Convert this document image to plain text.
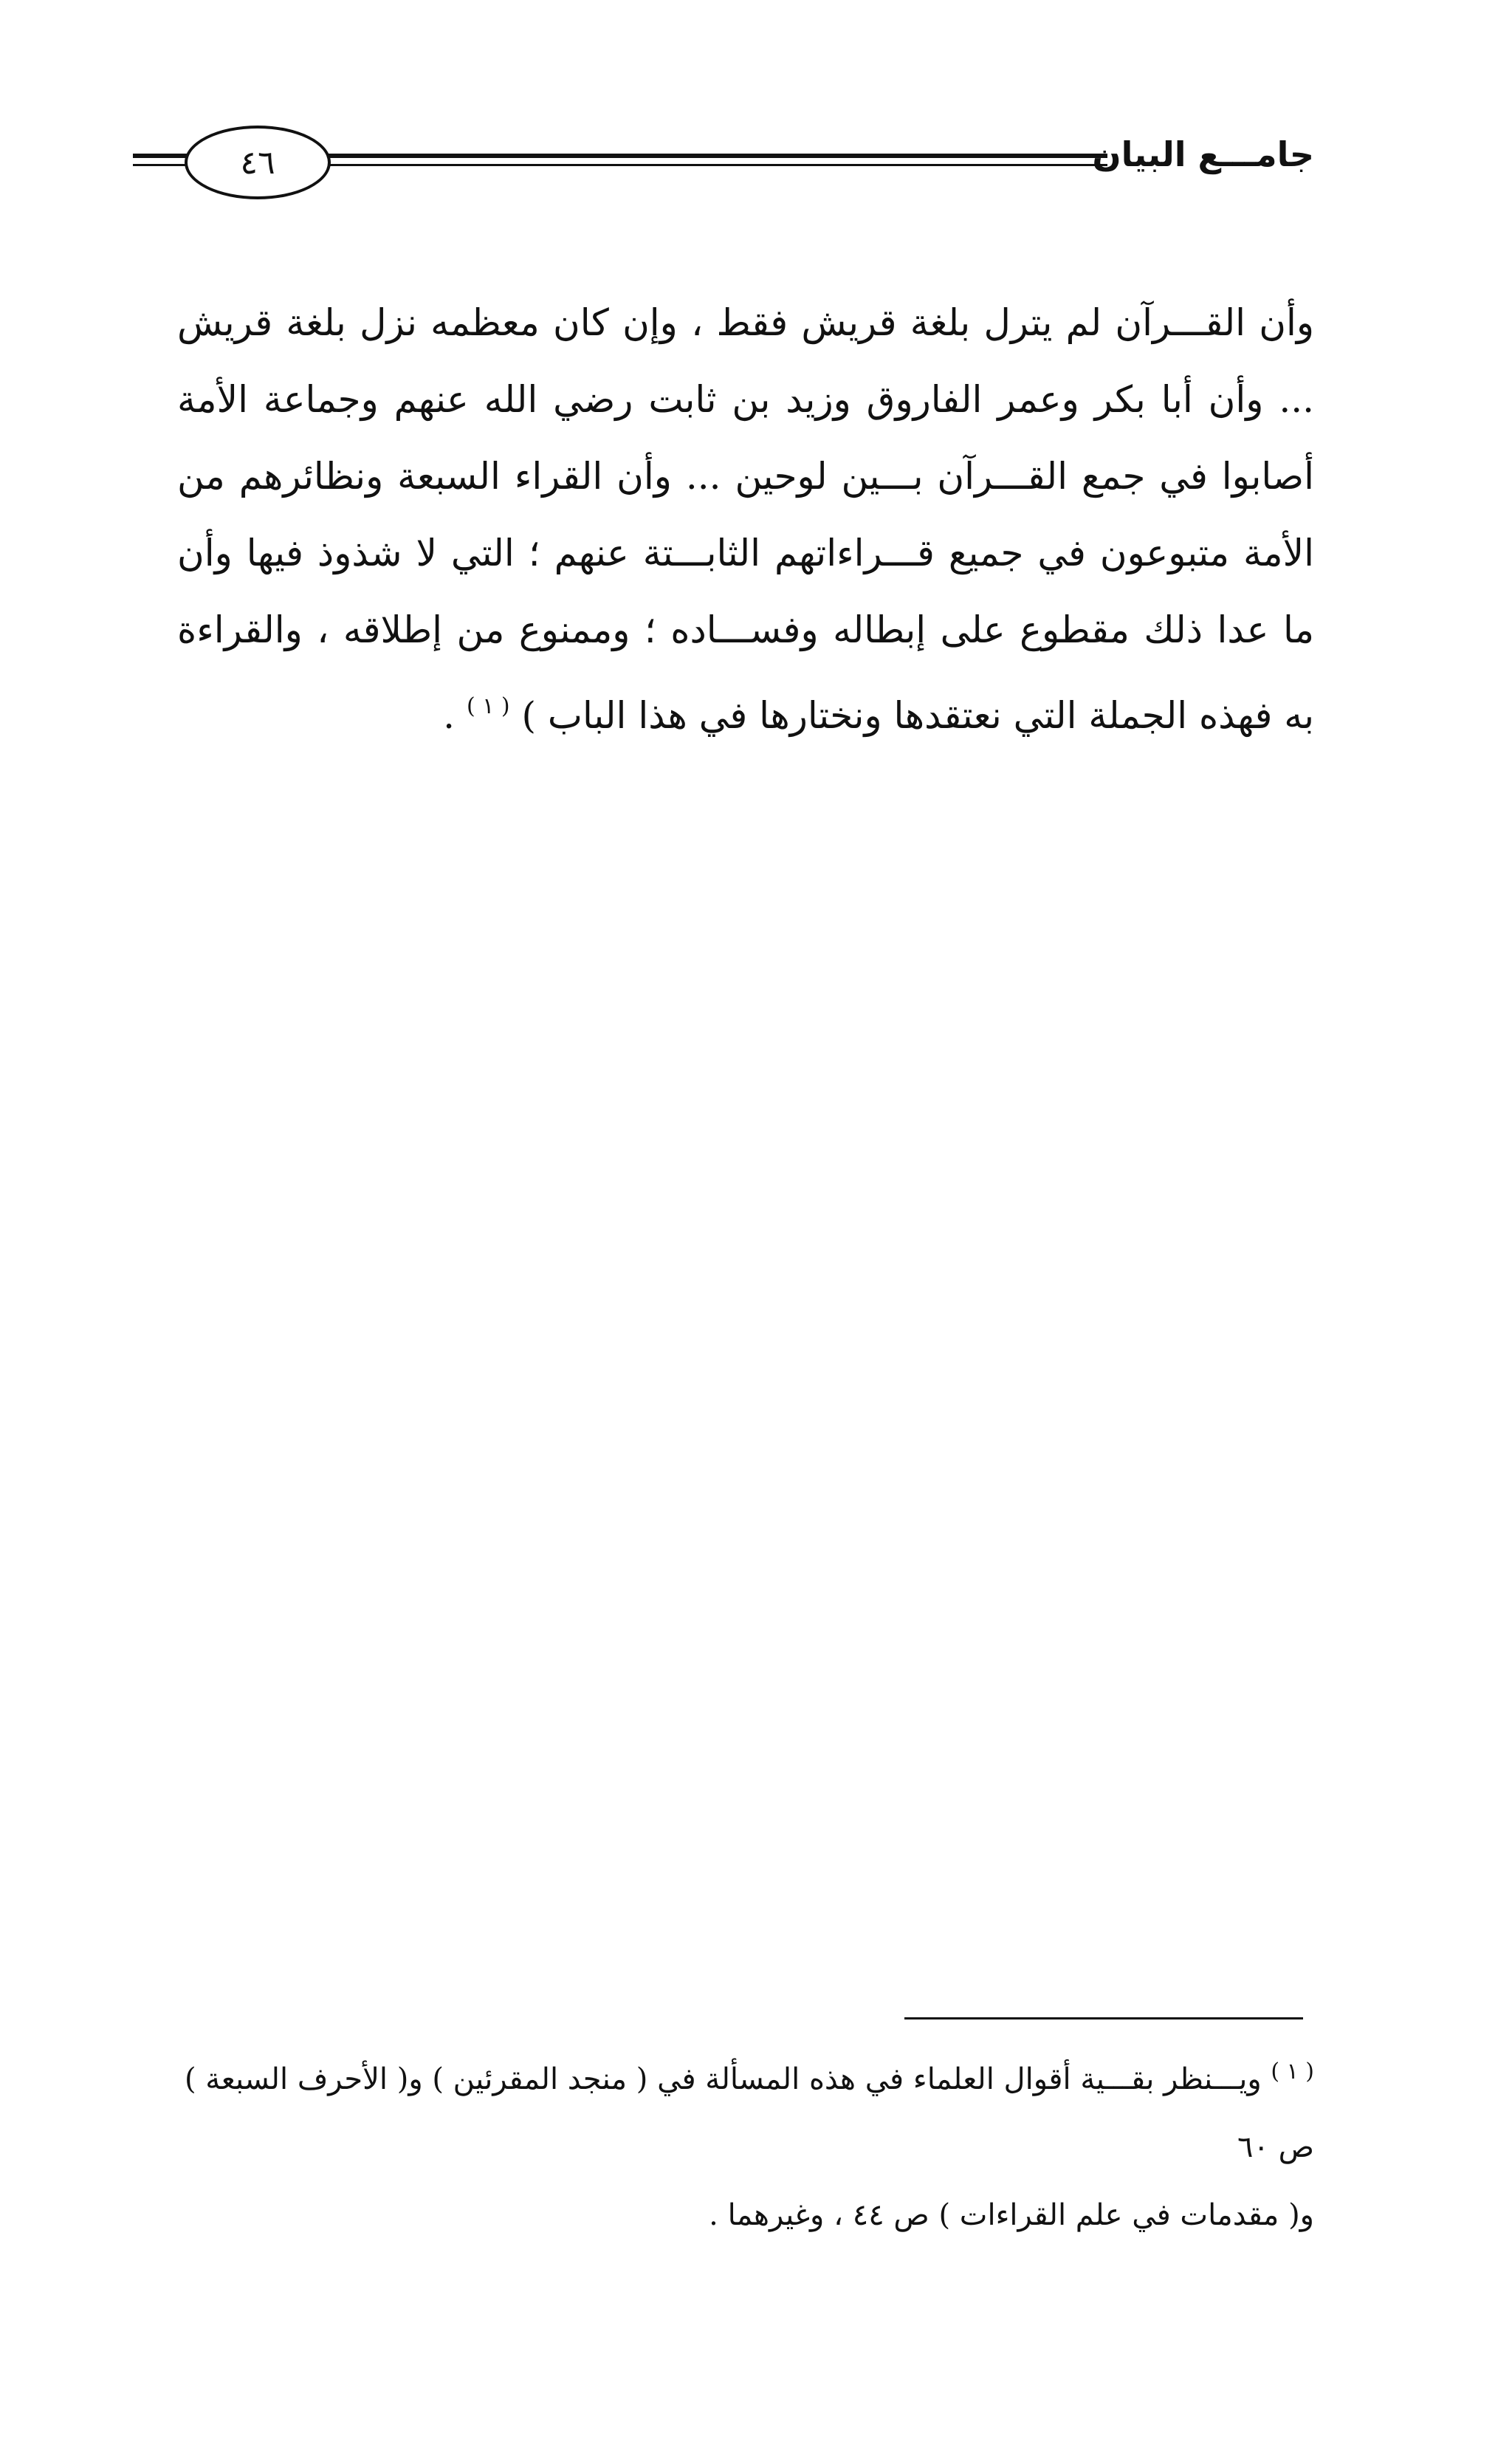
٤٦	جامـــع البيان

وأن القـــرآن لم يترل بلغة قريش فقط ، وإن كان معظمه نزل بلغة قريش ... وأن أبا بكر وعمر الفاروق وزيد بن ثابت رضي الله عنهم وجماعة الأمة أصابوا في جمع القـــرآن بـــين لوحين ... وأن القراء السبعة ونظائرهم من الأمة متبوعون في جميع قـــراءاتهم الثابـــتة عنهم ؛ التي لا شذوذ فيها وأن ما عدا ذلك مقطوع على إبطاله وفســـاده ؛ وممنوع من إطلاقه ، والقراءة به فهذه الجملة التي نعتقدها ونختارها في هذا الباب ) $^{( ١ )}$ .

$^{( ١ )}$ ويـــنظر بقـــية أقوال العلماء في هذه المسألة في ( منجد المقرئين ) و( الأحرف السبعة ) ص ٦٠

و( مقدمات في علم القراءات ) ص ٤٤ ، وغيرهما .
